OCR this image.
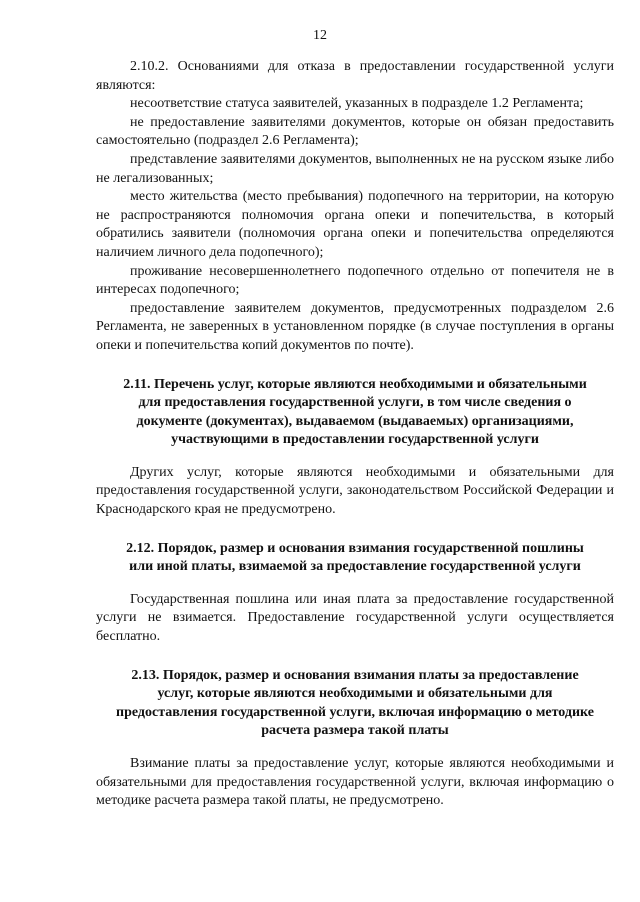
12

2.10.2. Основаниями для отказа в предоставлении государственной услуги являются:

несоответствие статуса заявителей, указанных в подразделе 1.2 Регламента;

не предоставление заявителями документов, которые он обязан предоставить самостоятельно (подраздел 2.6 Регламента);

представление заявителями документов, выполненных не на русском языке либо не легализованных;

место жительства (место пребывания) подопечного на территории, на которую не распространяются полномочия органа опеки и попечительства, в который обратились заявители (полномочия органа опеки и попечительства определяются наличием личного дела подопечного);

проживание несовершеннолетнего подопечного отдельно от попечителя не в интересах подопечного;

предоставление заявителем документов, предусмотренных подразделом 2.6 Регламента, не заверенных в установленном порядке (в случае поступления в органы опеки и попечительства копий документов по почте).

2.11. Перечень услуг, которые являются необходимыми и обязательными для предоставления государственной услуги, в том числе сведения о документе (документах), выдаваемом (выдаваемых) организациями, участвующими в предоставлении государственной услуги

Других услуг, которые являются необходимыми и обязательными для предоставления государственной услуги, законодательством Российской Федерации и Краснодарского края не предусмотрено.

2.12. Порядок, размер и основания взимания государственной пошлины или иной платы, взимаемой за предоставление государственной услуги

Государственная пошлина или иная плата за предоставление государственной услуги не взимается. Предоставление государственной услуги осуществляется бесплатно.

2.13. Порядок, размер и основания взимания платы за предоставление услуг, которые являются необходимыми и обязательными для предоставления государственной услуги, включая информацию о методике расчета размера такой платы

Взимание платы за предоставление услуг, которые являются необходимыми и обязательными для предоставления государственной услуги, включая информацию о методике расчета размера такой платы, не предусмотрено.
